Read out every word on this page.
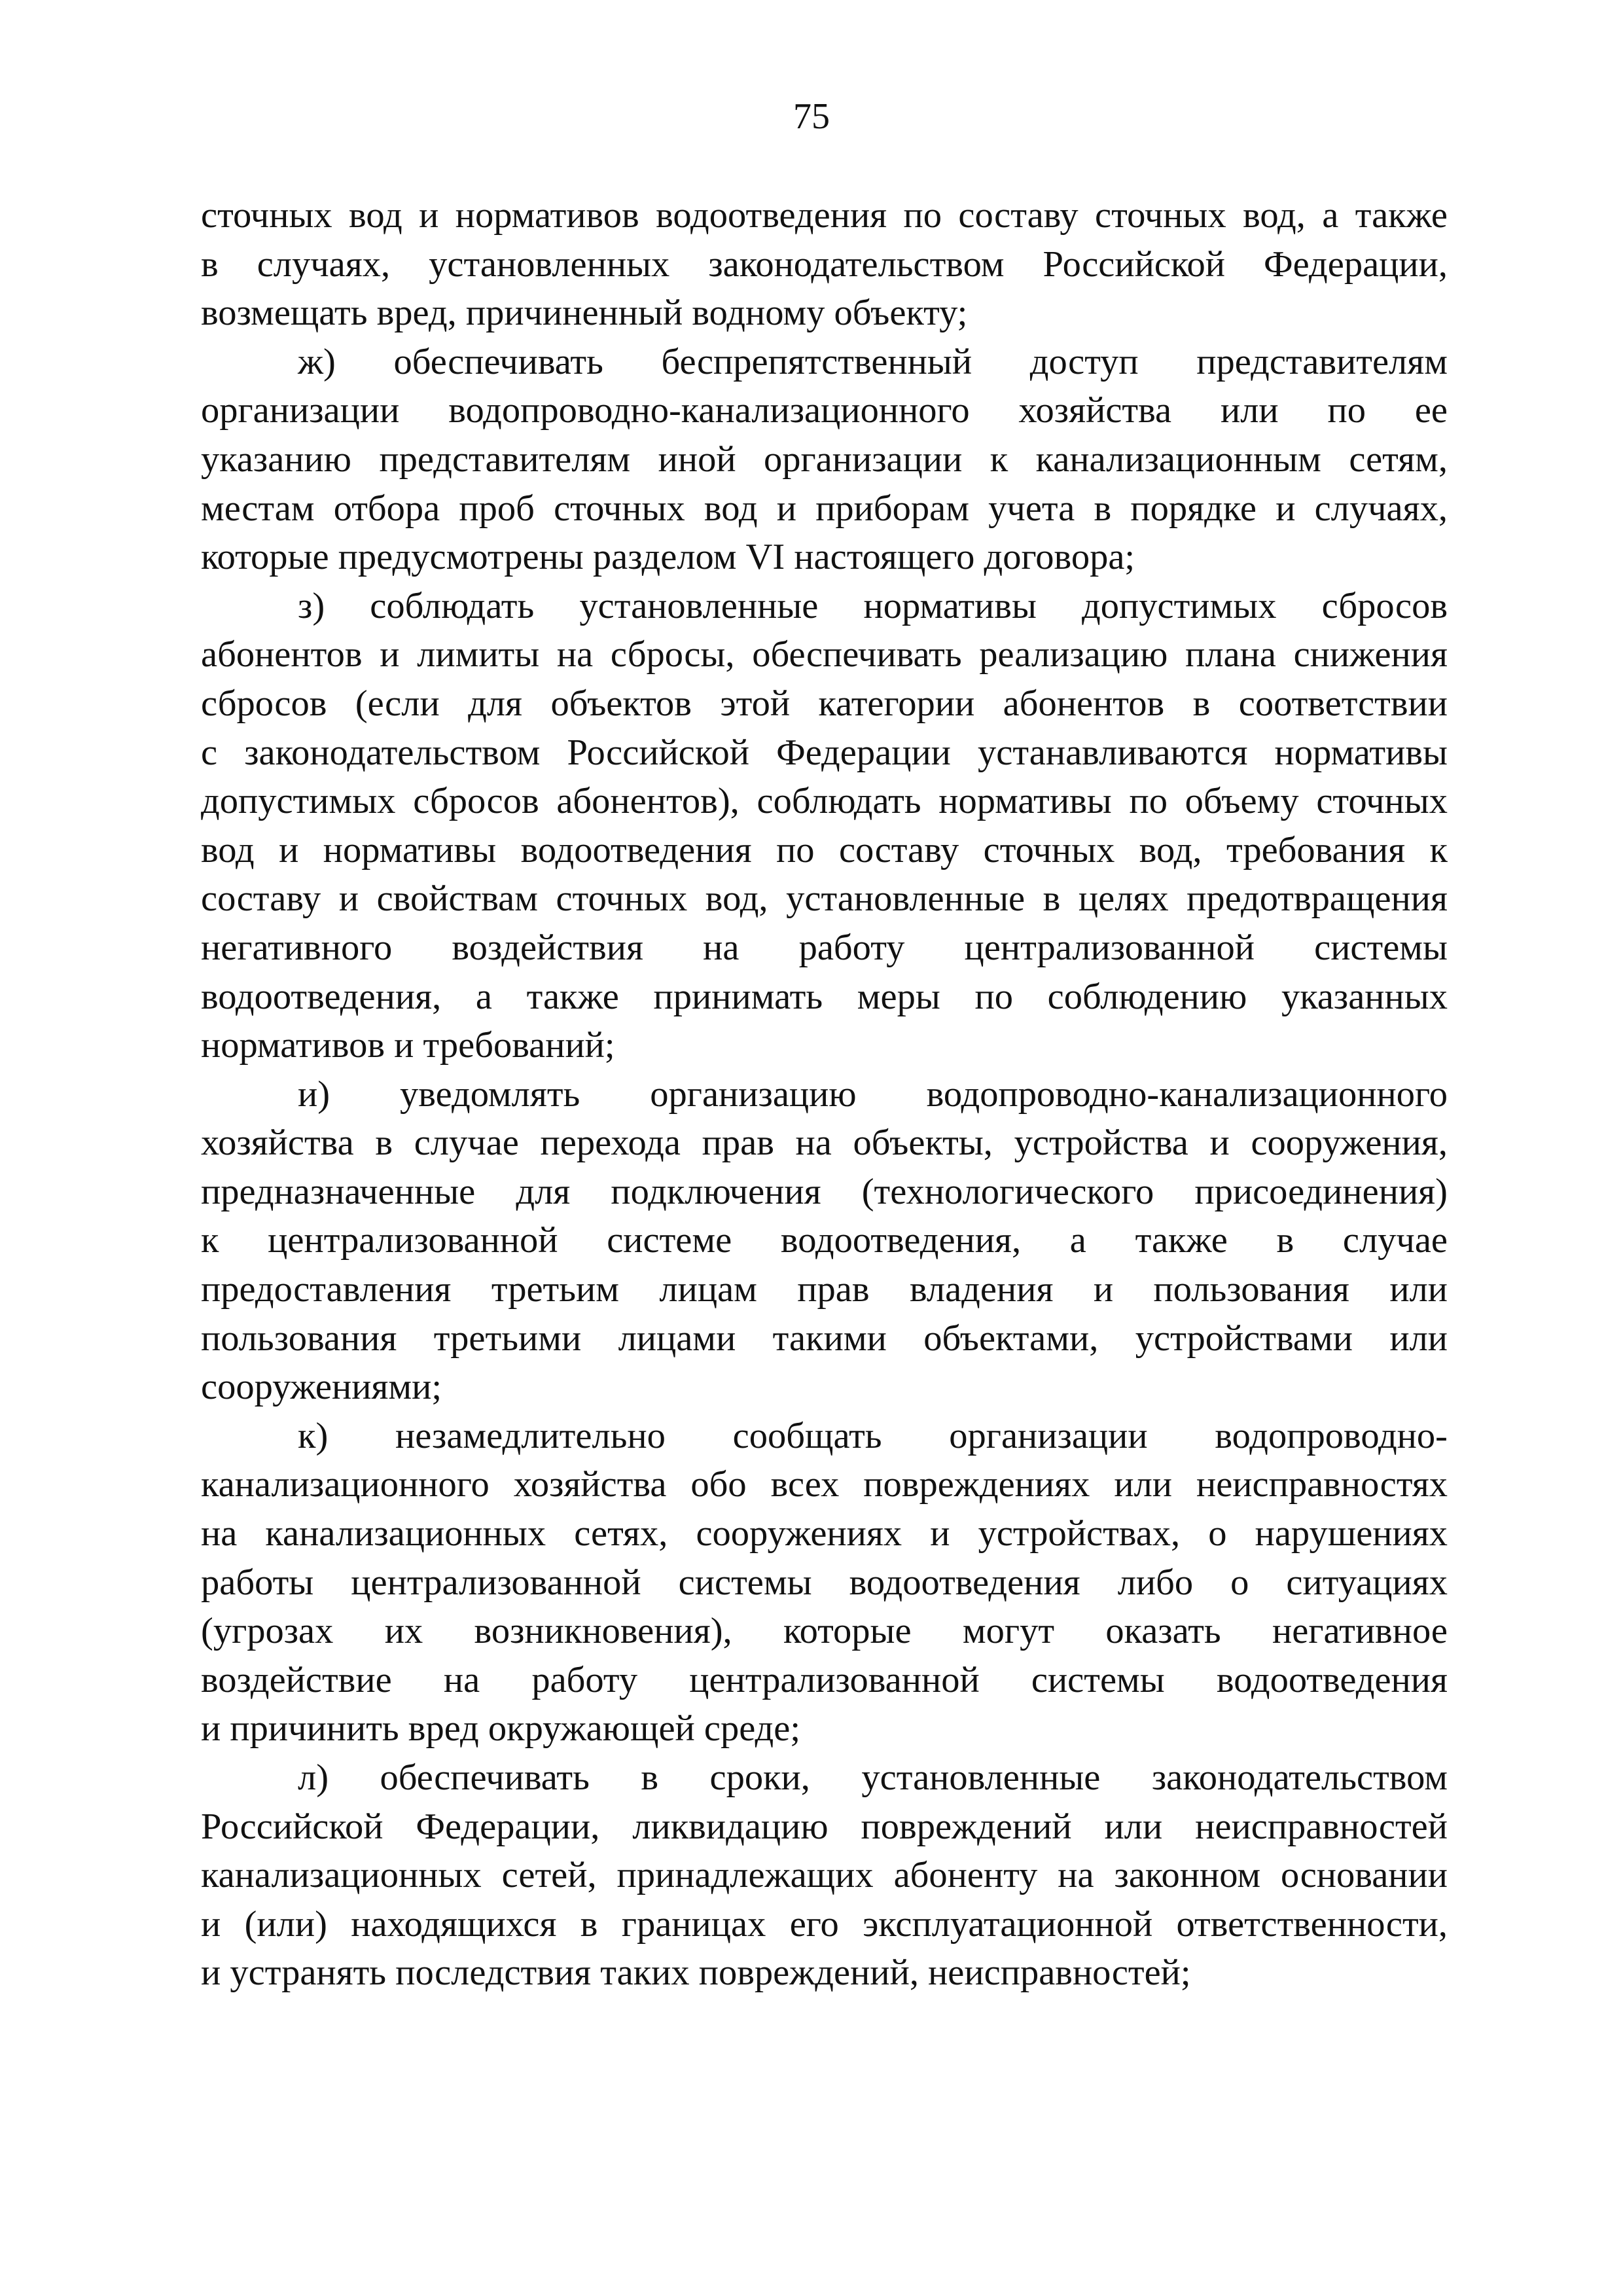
75
сточных вод и нормативов водоотведения по составу сточных вод, а также
в случаях, установленных законодательством Российской Федерации,
возмещать вред, причиненный водному объекту;
ж) обеспечивать беспрепятственный доступ представителям
организации водопроводно-канализационного хозяйства или по ее
указанию представителям иной организации к канализационным сетям,
местам отбора проб сточных вод и приборам учета в порядке и случаях,
которые предусмотрены разделом VI настоящего договора;
з) соблюдать установленные нормативы допустимых сбросов
абонентов и лимиты на сбросы, обеспечивать реализацию плана снижения
сбросов (если для объектов этой категории абонентов в соответствии
с законодательством Российской Федерации устанавливаются нормативы
допустимых сбросов абонентов), соблюдать нормативы по объему сточных
вод и нормативы водоотведения по составу сточных вод, требования к
составу и свойствам сточных вод, установленные в целях предотвращения
негативного воздействия на работу централизованной системы
водоотведения, а также принимать меры по соблюдению указанных
нормативов и требований;
и) уведомлять организацию водопроводно-канализационного
хозяйства в случае перехода прав на объекты, устройства и сооружения,
предназначенные для подключения (технологического присоединения)
к централизованной системе водоотведения, а также в случае
предоставления третьим лицам прав владения и пользования или
пользования третьими лицами такими объектами, устройствами или
сооружениями;
к) незамедлительно сообщать организации водопроводно-
канализационного хозяйства обо всех повреждениях или неисправностях
на канализационных сетях, сооружениях и устройствах, о нарушениях
работы централизованной системы водоотведения либо о ситуациях
(угрозах их возникновения), которые могут оказать негативное
воздействие на работу централизованной системы водоотведения
и причинить вред окружающей среде;
л) обеспечивать в сроки, установленные законодательством
Российской Федерации, ликвидацию повреждений или неисправностей
канализационных сетей, принадлежащих абоненту на законном основании
и (или) находящихся в границах его эксплуатационной ответственности,
и устранять последствия таких повреждений, неисправностей;
